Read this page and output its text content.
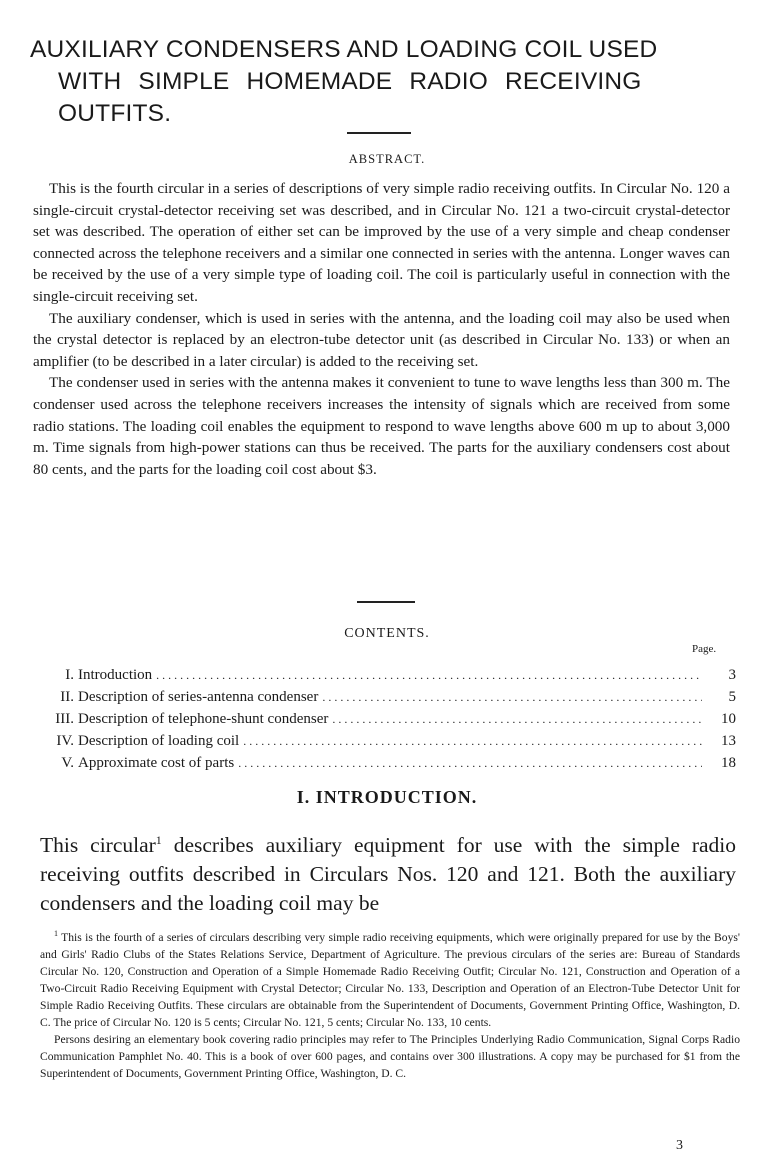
AUXILIARY CONDENSERS AND LOADING COIL USED
WITH SIMPLE HOMEMADE RADIO RECEIVING
OUTFITS.
ABSTRACT.

This is the fourth circular in a series of descriptions of very simple radio receiving outfits. In Circular No. 120 a single-circuit crystal-detector receiving set was described, and in Circular No. 121 a two-circuit crystal-detector set was described. The operation of either set can be improved by the use of a very simple and cheap condenser connected across the telephone receivers and a similar one connected in series with the antenna. Longer waves can be received by the use of a very simple type of loading coil. The coil is particularly useful in connection with the single-circuit receiving set.

The auxiliary condenser, which is used in series with the antenna, and the loading coil may also be used when the crystal detector is replaced by an electron-tube detector unit (as described in Circular No. 133) or when an amplifier (to be described in a later circular) is added to the receiving set.

The condenser used in series with the antenna makes it convenient to tune to wave lengths less than 300 m. The condenser used across the telephone receivers increases the intensity of signals which are received from some radio stations. The loading coil enables the equipment to respond to wave lengths above 600 m up to about 3,000 m. Time signals from high-power stations can thus be received. The parts for the auxiliary condensers cost about 80 cents, and the parts for the loading coil cost about $3.

CONTENTS.
Page.
I. Introduction .....	3
II. Description of series-antenna condenser .....	5
III. Description of telephone-shunt condenser .....	10
IV. Description of loading coil .....	13
V. Approximate cost of parts .....	18
I. INTRODUCTION.
This circular$^1$ describes auxiliary equipment for use with the simple radio receiving outfits described in Circulars Nos. 120 and 121. Both the auxiliary condensers and the loading coil may be

$^1$ This is the fourth of a series of circulars describing very simple radio receiving equipments, which were originally prepared for use by the Boys' and Girls' Radio Clubs of the States Relations Service, Department of Agriculture. The previous circulars of the series are: Bureau of Standards Circular No. 120, Construction and Operation of a Simple Homemade Radio Receiving Outfit; Circular No. 121, Construction and Operation of a Two-Circuit Radio Receiving Equipment with Crystal Detector; Circular No. 133, Description and Operation of an Electron-Tube Detector Unit for Simple Radio Receiving Outfits. These circulars are obtainable from the Superintendent of Documents, Government Printing Office, Washington, D. C. The price of Circular No. 120 is 5 cents; Circular No. 121, 5 cents; Circular No. 133, 10 cents.

Persons desiring an elementary book covering radio principles may refer to The Principles Underlying Radio Communication, Signal Corps Radio Communication Pamphlet No. 40. This is a book of over 600 pages, and contains over 300 illustrations. A copy may be purchased for $1 from the Superintendent of Documents, Government Printing Office, Washington, D. C.

3
